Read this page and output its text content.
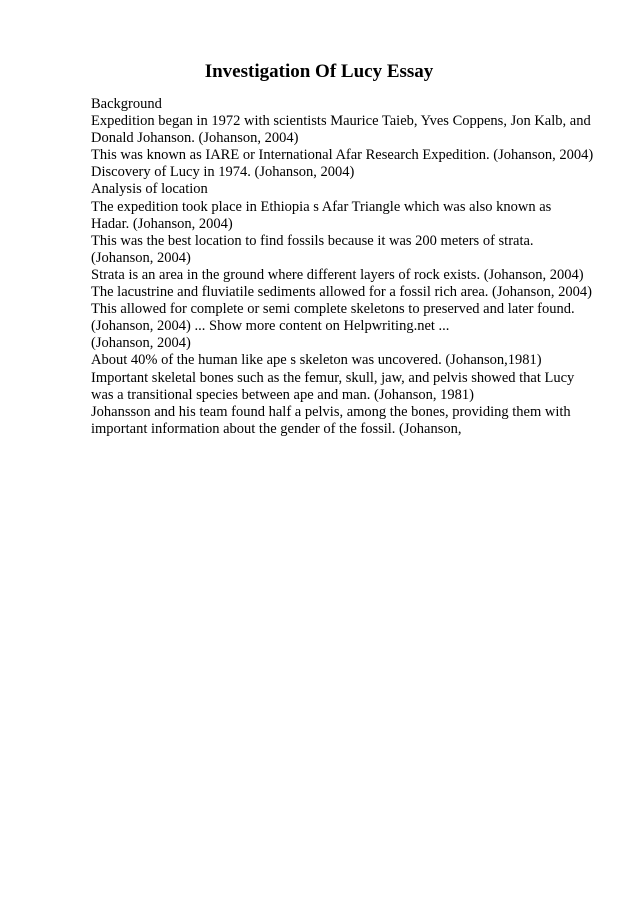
Investigation Of Lucy Essay
Background
Expedition began in 1972 with scientists Maurice Taieb, Yves Coppens, Jon Kalb, and
Donald Johanson. (Johanson, 2004)
This was known as IARE or International Afar Research Expedition. (Johanson, 2004)
Discovery of Lucy in 1974. (Johanson, 2004)
Analysis of location
The expedition took place in Ethiopia s Afar Triangle which was also known as
Hadar. (Johanson, 2004)
This was the best location to find fossils because it was 200 meters of strata.
(Johanson, 2004)
Strata is an area in the ground where different layers of rock exists. (Johanson, 2004)
The lacustrine and fluviatile sediments allowed for a fossil rich area. (Johanson, 2004)
This allowed for complete or semi complete skeletons to preserved and later found.
(Johanson, 2004) ... Show more content on Helpwriting.net ...
(Johanson, 2004)
About 40% of the human like ape s skeleton was uncovered. (Johanson,1981)
Important skeletal bones such as the femur, skull, jaw, and pelvis showed that Lucy
was a transitional species between ape and man. (Johanson, 1981)
Johansson and his team found half a pelvis, among the bones, providing them with
important information about the gender of the fossil. (Johanson,
